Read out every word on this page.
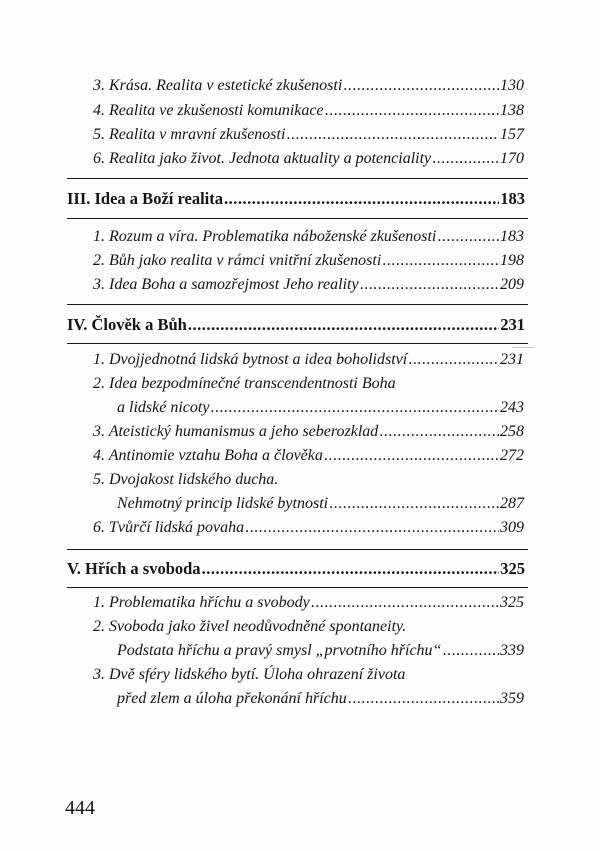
3. Krása. Realita v estetické zkušenosti .....	130
4. Realita ve zkušenosti komunikace .....	138
5. Realita v mravní zkušenosti .....	157
6. Realita jako život. Jednota aktuality a potenciality .....	170
III. Idea a Boží realita .....	183
1. Rozum a víra. Problematika náboženské zkušenosti .....	183
2. Bůh jako realita v rámci vnitřní zkušenosti .....	198
3. Idea Boha a samozřejmost Jeho reality .....	209
IV. Člověk a Bůh .....	231
1. Dvojjednotná lidská bytnost a idea boholidství .....	231
2. Idea bezpodmínečné transcendentnosti Boha
a lidské nicoty .....	243
3. Ateistický humanismus a jeho seberozklad .....	258
4. Antinomie vztahu Boha a člověka .....	272
5. Dvojakost lidského ducha.
Nehmotný princip lidské bytnosti .....	287
6. Tvůrčí lidská povaha .....	309
V. Hřích a svoboda .....	325
1. Problematika hříchu a svobody .....	325
2. Svoboda jako živel neodůvodněné spontaneity.
Podstata hříchu a pravý smysl „prvotního hříchu“ .....	339
3. Dvě sféry lidského bytí. Úloha ohrazení života
před zlem a úloha překonání hříchu .....	359
444
